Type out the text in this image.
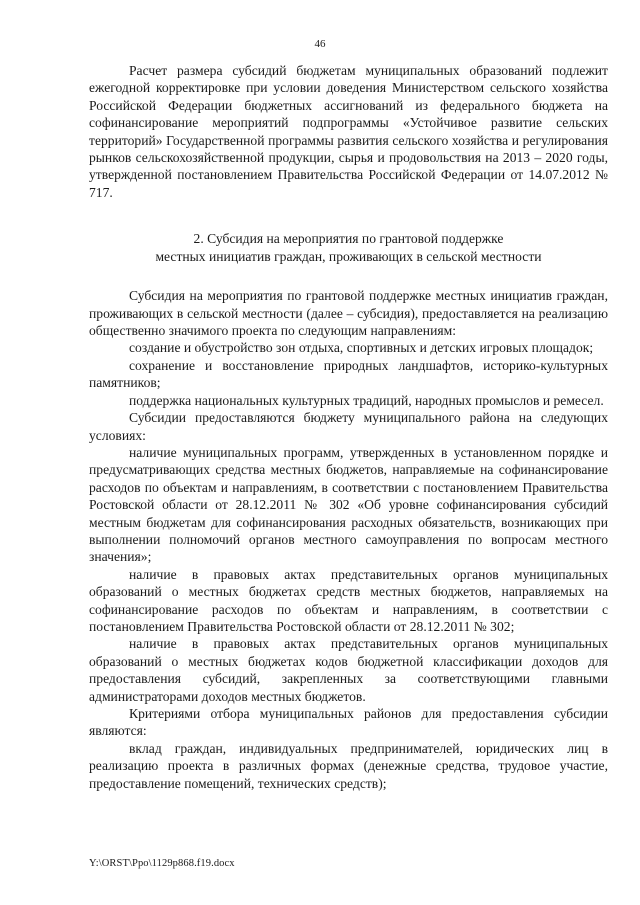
46

Расчет размера субсидий бюджетам муниципальных образований подлежит ежегодной корректировке при условии доведения Министерством сельского хозяйства Российской Федерации бюджетных ассигнований из федерального бюджета на софинансирование мероприятий подпрограммы «Устойчивое развитие сельских территорий» Государственной программы развития сельского хозяйства и регулирования рынков сельскохозяйственной продукции, сырья и продовольствия на 2013 – 2020 годы, утвержденной постановлением Правительства Российской Федерации от 14.07.2012 № 717.

2. Субсидия на мероприятия по грантовой поддержке
местных инициатив граждан, проживающих в сельской местности

Субсидия на мероприятия по грантовой поддержке местных инициатив граждан, проживающих в сельской местности (далее – субсидия), предоставляется на реализацию общественно значимого проекта по следующим направлениям:

создание и обустройство зон отдыха, спортивных и детских игровых площадок;

сохранение и восстановление природных ландшафтов, историко-культурных памятников;

поддержка национальных культурных традиций, народных промыслов и ремесел.

Субсидии предоставляются бюджету муниципального района на следующих условиях:

наличие муниципальных программ, утвержденных в установленном порядке и предусматривающих средства местных бюджетов, направляемые на софинансирование расходов по объектам и направлениям, в соответствии с постановлением Правительства Ростовской области от 28.12.2011 № 302 «Об уровне софинансирования субсидий местным бюджетам для софинансирования расходных обязательств, возникающих при выполнении полномочий органов местного самоуправления по вопросам местного значения»;

наличие в правовых актах представительных органов муниципальных образований о местных бюджетах средств местных бюджетов, направляемых на софинансирование расходов по объектам и направлениям, в соответствии с постановлением Правительства Ростовской области от 28.12.2011 № 302;

наличие в правовых актах представительных органов муниципальных образований о местных бюджетах кодов бюджетной классификации доходов для предоставления субсидий, закрепленных за соответствующими главными администраторами доходов местных бюджетов.

Критериями отбора муниципальных районов для предоставления субсидии являются:

вклад граждан, индивидуальных предпринимателей, юридических лиц в реализацию проекта в различных формах (денежные средства, трудовое участие, предоставление помещений, технических средств);

Y:\ORST\Ppo\1129p868.f19.docx
